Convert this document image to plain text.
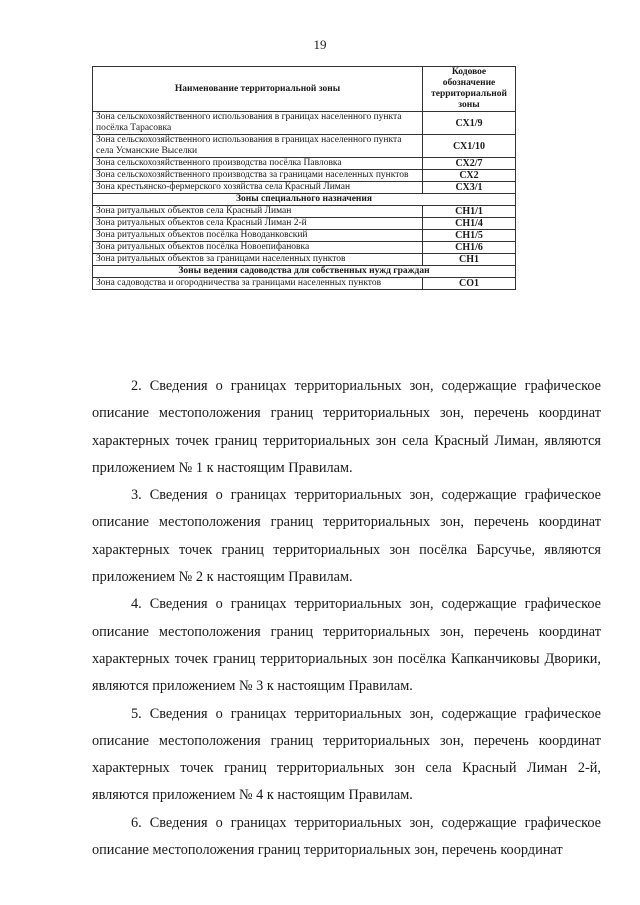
19
Наименование территориальной зоны	Кодовое обозначение территориальной зоны
Зона сельскохозяйственного использования в границах населенного пункта посёлка Тарасовка	СХ1/9
Зона сельскохозяйственного использования в границах населенного пункта села Усманские Выселки	СХ1/10
Зона сельскохозяйственного производства посёлка Павловка	СХ2/7
Зона сельскохозяйственного производства за границами населенных пунктов	СХ2
Зона крестьянско-фермерского хозяйства села Красный Лиман	СХ3/1
Зоны специального назначения	
Зона ритуальных объектов села Красный Лиман	СН1/1
Зона ритуальных объектов села Красный Лиман 2-й	СН1/4
Зона ритуальных объектов посёлка Новоданковский	СН1/5
Зона ритуальных объектов посёлка Новоепифановка	СН1/6
Зона ритуальных объектов за границами населенных пунктов	СН1
Зоны ведения садоводства для собственных нужд граждан	
Зона садоводства и огородничества за границами населенных пунктов	СО1

2. Сведения о границах территориальных зон, содержащие графическое описание местоположения границ территориальных зон, перечень координат характерных точек границ территориальных зон села Красный Лиман, являются приложением № 1 к настоящим Правилам.

3. Сведения о границах территориальных зон, содержащие графическое описание местоположения границ территориальных зон, перечень координат характерных точек границ территориальных зон посёлка Барсучье, являются приложением № 2 к настоящим Правилам.

4. Сведения о границах территориальных зон, содержащие графическое описание местоположения границ территориальных зон, перечень координат характерных точек границ территориальных зон посёлка Капканчиковы Дворики, являются приложением № 3 к настоящим Правилам.

5. Сведения о границах территориальных зон, содержащие графическое описание местоположения границ территориальных зон, перечень координат характерных точек границ территориальных зон села Красный Лиман 2-й, являются приложением № 4 к настоящим Правилам.

6. Сведения о границах территориальных зон, содержащие графическое описание местоположения границ территориальных зон, перечень координат
